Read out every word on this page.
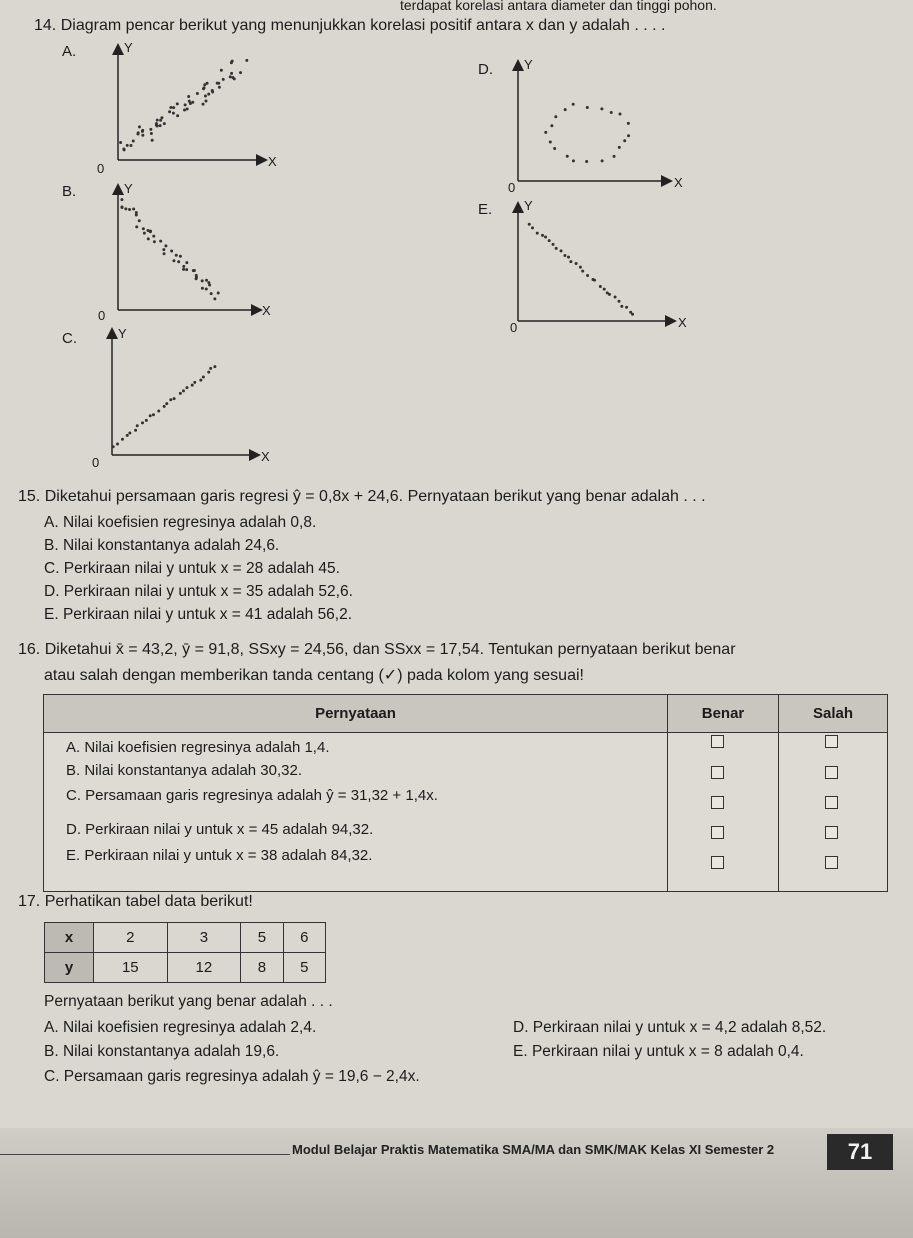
terdapat korelasi antara diameter dan tinggi pohon.
14. Diagram pencar berikut yang menunjukkan korelasi positif antara x dan y adalah . . . .
A.	Y
X
0
B.	Y
X
0
C.	Y
X
0
D. Y
X
0
E. Y
X
0
15. Diketahui persamaan garis regresi ŷ = 0,8x + 24,6. Pernyataan berikut yang benar adalah . . .
A. Nilai koefisien regresinya adalah 0,8.
B. Nilai konstantanya adalah 24,6.
C. Perkiraan nilai y untuk x = 28 adalah 45.
D. Perkiraan nilai y untuk x = 35 adalah 52,6.
E. Perkiraan nilai y untuk x = 41 adalah 56,2.
16. Diketahui x̄ = 43,2, ȳ = 91,8, SSxy = 24,56, dan SSxx = 17,54. Tentukan pernyataan berikut benar
atau salah dengan memberikan tanda centang (✓) pada kolom yang sesuai!
Pernyataan	Benar	Salah
A. Nilai koefisien regresinya adalah 1,4.
B. Nilai konstantanya adalah 30,32.
C. Persamaan garis regresinya adalah ŷ = 31,32 + 1,4x.
D. Perkiraan nilai y untuk x = 45 adalah 94,32.
E. Perkiraan nilai y untuk x = 38 adalah 84,32.
17. Perhatikan tabel data berikut!
x	2	3	5	6
y	15	12	8	5
Pernyataan berikut yang benar adalah . . .
A. Nilai koefisien regresinya adalah 2,4.
B. Nilai konstantanya adalah 19,6.
C. Persamaan garis regresinya adalah ŷ = 19,6 − 2,4x.
D. Perkiraan nilai y untuk x = 4,2 adalah 8,52.
E. Perkiraan nilai y untuk x = 8 adalah 0,4.
Modul Belajar Praktis Matematika SMA/MA dan SMK/MAK Kelas XI Semester 2	71
